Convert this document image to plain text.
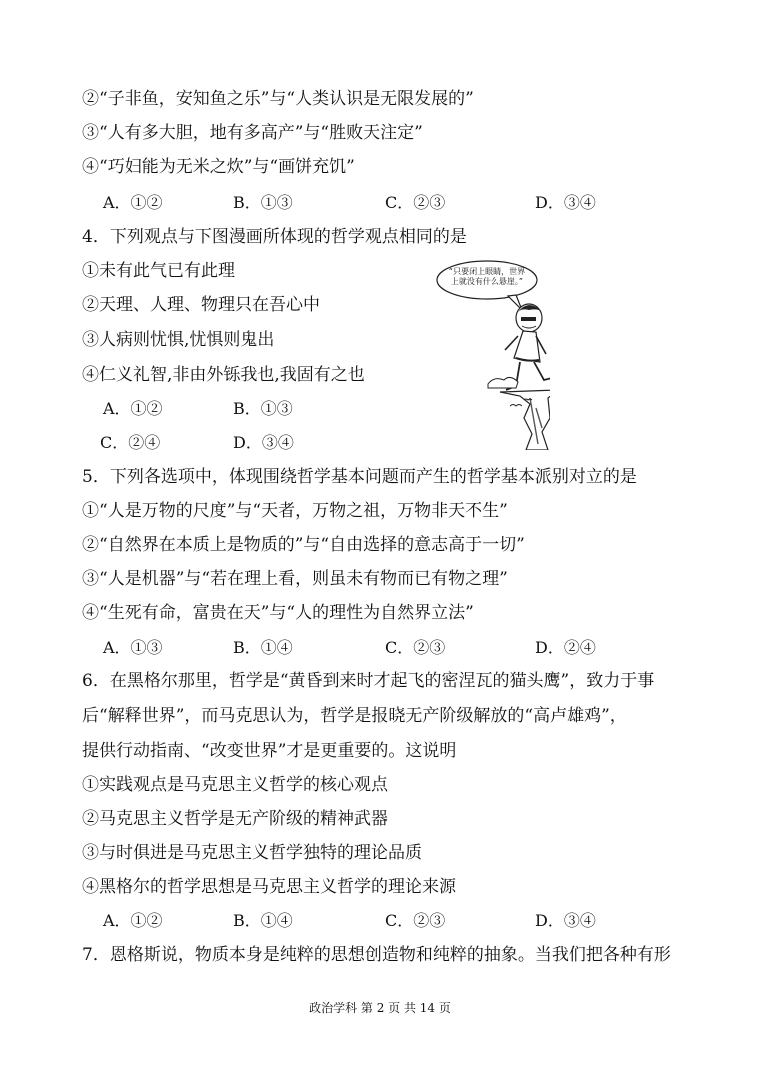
②“子非鱼，安知鱼之乐”与“人类认识是无限发展的”
③“人有多大胆，地有多高产”与“胜败天注定”
④“巧妇能为无米之炊”与“画饼充饥”
A．①②	B．①③	C．②③	D．③④
4．下列观点与下图漫画所体现的哲学观点相同的是
①未有此气已有此理
②天理、人理、物理只在吾心中
③人病则忧惧,忧惧则鬼出
④仁义礼智,非由外铄我也,我固有之也
A．①②	B．①③
C．②④	D．③④
“只要闭上眼睛，世界上就没有什么悬崖。”
5．下列各选项中，体现围绕哲学基本问题而产生的哲学基本派别对立的是
①“人是万物的尺度”与“天者，万物之祖，万物非天不生”
②“自然界在本质上是物质的”与“自由选择的意志高于一切”
③“人是机器”与“若在理上看，则虽未有物而已有物之理”
④“生死有命，富贵在天”与“人的理性为自然界立法”
A．①③	B．①④	C．②③	D．②④
6．在黑格尔那里，哲学是“黄昏到来时才起飞的密涅瓦的猫头鹰”，致力于事
后“解释世界”，而马克思认为，哲学是报晓无产阶级解放的“高卢雄鸡”，
提供行动指南、“改变世界”才是更重要的。这说明
①实践观点是马克思主义哲学的核心观点
②马克思主义哲学是无产阶级的精神武器
③与时俱进是马克思主义哲学独特的理论品质
④黑格尔的哲学思想是马克思主义哲学的理论来源
A．①②	B．①④	C．②③	D．③④
7．恩格斯说，物质本身是纯粹的思想创造物和纯粹的抽象。当我们把各种有形
政治学科 第 2 页 共 14 页
